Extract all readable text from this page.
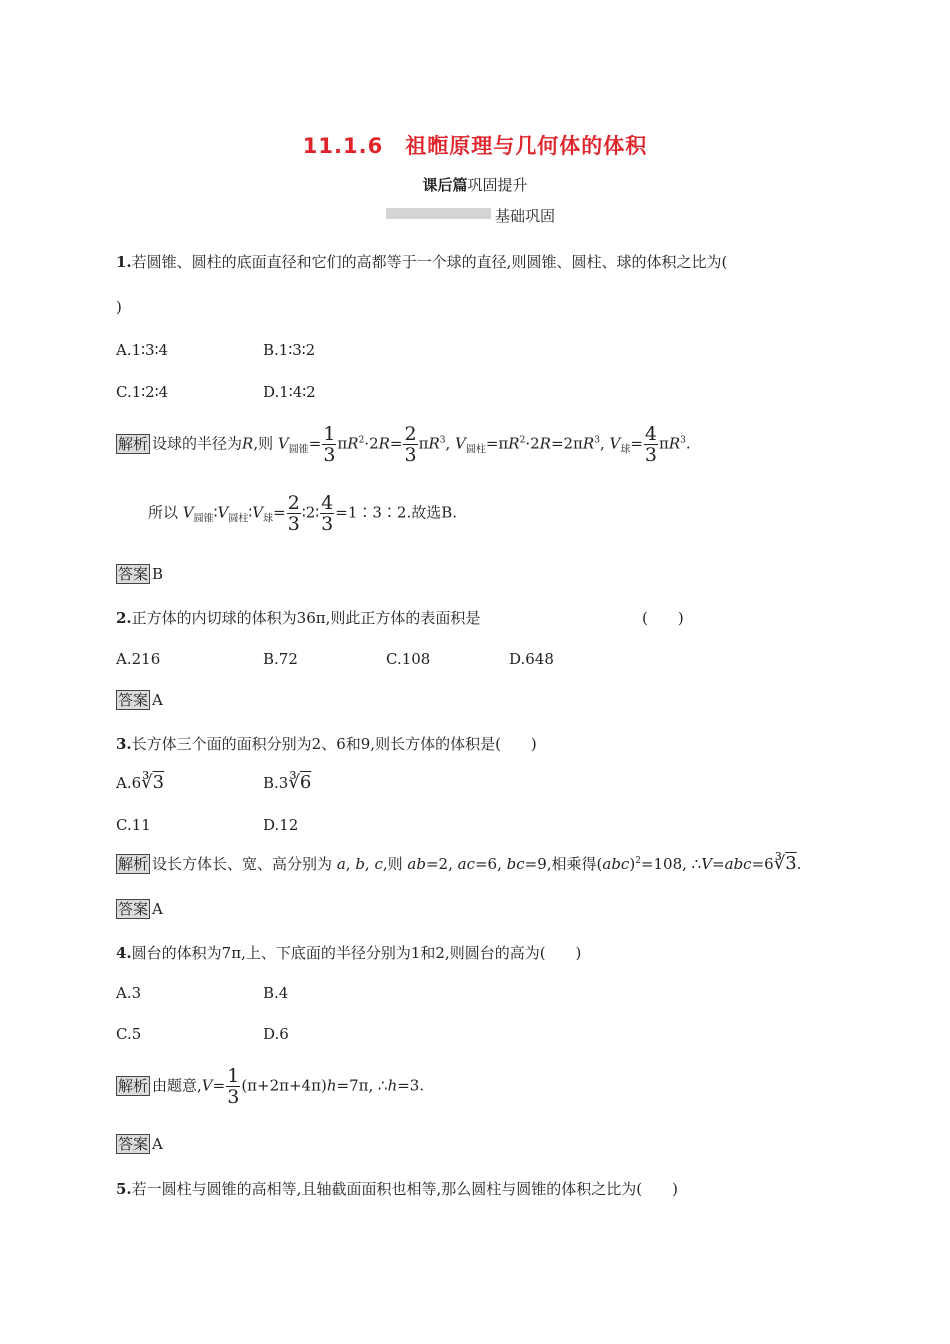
11.1.6　祖暅原理与几何体的体积
课后篇巩固提升
基础巩固
1.若圆锥、圆柱的底面直径和它们的高都等于一个球的直径,则圆锥、圆柱、球的体积之比为(
)
A.1∶3∶4	B.1∶3∶2
C.1∶2∶4	D.1∶4∶2
解析 设球的半径为R,则 $V_{圆锥}= \frac{1}{3} \pi R^2\cdot 2R= \frac{2}{3} \pi R^3$, $V_{圆柱}=\pi R^2\cdot 2R=2\pi R^3$, $V_球= \frac{4}{3} \pi R^3$.
所以 $V_{圆锥}∶V_{圆柱}∶V_球= \frac{2}{3}$ ∶2∶ $\frac{4}{3}$ =1∶3∶2.故选B.
答案 B
2.正方体的内切球的体积为36π,则此正方体的表面积是	(　　)
A.216	B.72	C.108	D.648
答案 A
3.长方体三个面的面积分别为2、6和9,则长方体的体积是(　　)
A.6∛3	B.3∛6
C.11	D.12
解析 设长方体长、宽、高分别为 a, b, c,则 ab=2, ac=6, bc=9,相乘得(abc)$^2$=108, ∴V=abc=6∛3.
答案 A
4.圆台的体积为7π,上、下底面的半径分别为1和2,则圆台的高为(　　)
A.3	B.4
C.5	D.6
解析 由题意$,V= \frac{1}{3} (\pi+2\pi+4\pi)h=7\pi$, ∴h=3.
答案 A
5.若一圆柱与圆锥的高相等,且轴截面面积也相等,那么圆柱与圆锥的体积之比为(　　)
